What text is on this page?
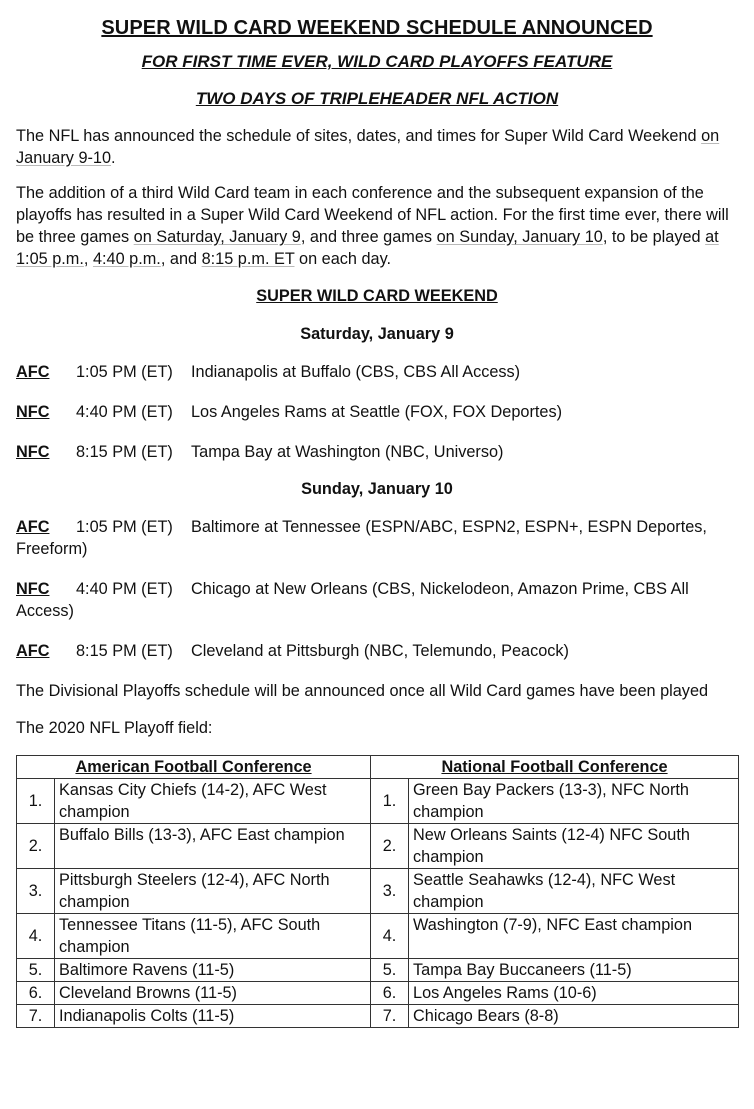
SUPER WILD CARD WEEKEND SCHEDULE ANNOUNCED
FOR FIRST TIME EVER, WILD CARD PLAYOFFS FEATURE
TWO DAYS OF TRIPLEHEADER NFL ACTION

The NFL has announced the schedule of sites, dates, and times for Super Wild Card Weekend on January 9-10.

The addition of a third Wild Card team in each conference and the subsequent expansion of the playoffs has resulted in a Super Wild Card Weekend of NFL action. For the first time ever, there will be three games on Saturday, January 9, and three games on Sunday, January 10, to be played at 1:05 p.m., 4:40 p.m., and 8:15 p.m. ET on each day.

SUPER WILD CARD WEEKEND
Saturday, January 9

AFC 1:05 PM (ET) Indianapolis at Buffalo (CBS, CBS All Access)

NFC 4:40 PM (ET) Los Angeles Rams at Seattle (FOX, FOX Deportes)

NFC 8:15 PM (ET) Tampa Bay at Washington (NBC, Universo)

Sunday, January 10

AFC 1:05 PM (ET) Baltimore at Tennessee (ESPN/ABC, ESPN2, ESPN+, ESPN Deportes, Freeform)

NFC 4:40 PM (ET) Chicago at New Orleans (CBS, Nickelodeon, Amazon Prime, CBS All Access)

AFC 8:15 PM (ET) Cleveland at Pittsburgh (NBC, Telemundo, Peacock)

The Divisional Playoffs schedule will be announced once all Wild Card games have been played

The 2020 NFL Playoff field:

American Football Conference		National Football Conference	
1.	Kansas City Chiefs (14-2), AFC West champion	1.	Green Bay Packers (13-3), NFC North champion
2.	Buffalo Bills (13-3), AFC East champion	2.	New Orleans Saints (12-4) NFC South champion
3.	Pittsburgh Steelers (12-4), AFC North champion	3.	Seattle Seahawks (12-4), NFC West champion
4.	Tennessee Titans (11-5), AFC South champion	4.	Washington (7-9), NFC East champion
5.	Baltimore Ravens (11-5)	5.	Tampa Bay Buccaneers (11-5)
6.	Cleveland Browns (11-5)	6.	Los Angeles Rams (10-6)
7.	Indianapolis Colts (11-5)	7.	Chicago Bears (8-8)
